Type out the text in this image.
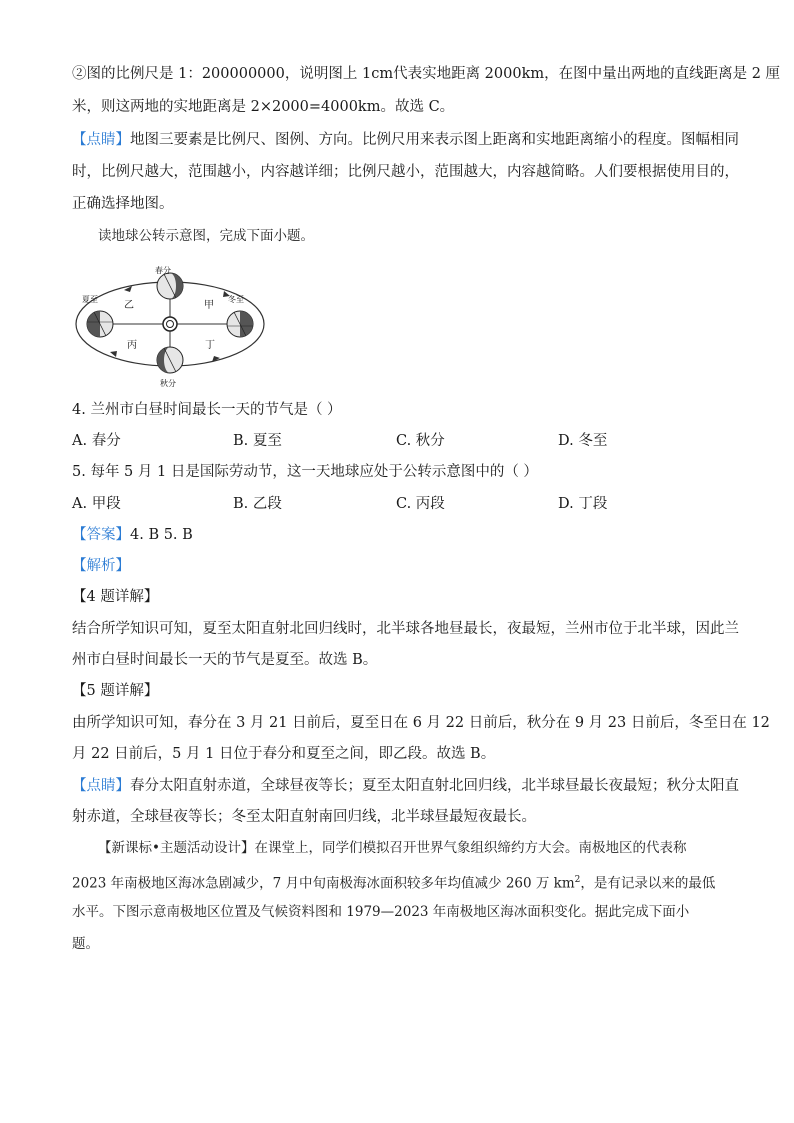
②图的比例尺是 1：200000000，说明图上 1cm代表实地距离 2000km，在图中量出两地的直线距离是 2 厘
米，则这两地的实地距离是 2×2000=4000km。故选 C。
【点睛】地图三要素是比例尺、图例、方向。比例尺用来表示图上距离和实地距离缩小的程度。图幅相同
时，比例尺越大，范围越小，内容越详细；比例尺越小，范围越大，内容越简略。人们要根据使用目的，
正确选择地图。
读地球公转示意图，完成下面小题。
春分
秋分
夏至	冬至
甲
乙
丙	丁
4. 兰州市白昼时间最长一天的节气是（ ）
A. 春分	B. 夏至	C. 秋分	D. 冬至
5. 每年 5 月 1 日是国际劳动节，这一天地球应处于公转示意图中的（ ）
A. 甲段	B. 乙段	C. 丙段	D. 丁段
【答案】4. B 5. B
【解析】
【4 题详解】
结合所学知识可知，夏至太阳直射北回归线时，北半球各地昼最长，夜最短，兰州市位于北半球，因此兰
州市白昼时间最长一天的节气是夏至。故选 B。
【5 题详解】
由所学知识可知，春分在 3 月 21 日前后，夏至日在 6 月 22 日前后，秋分在 9 月 23 日前后，冬至日在 12
月 22 日前后，5 月 1 日位于春分和夏至之间，即乙段。故选 B。
【点睛】春分太阳直射赤道，全球昼夜等长；夏至太阳直射北回归线，北半球昼最长夜最短；秋分太阳直
射赤道，全球昼夜等长；冬至太阳直射南回归线，北半球昼最短夜最长。
【新课标•主题活动设计】在课堂上，同学们模拟召开世界气象组织缔约方大会。南极地区的代表称
2023 年南极地区海冰急剧减少，7 月中旬南极海冰面积较多年均值减少 260 万 $km^2$，是有记录以来的最低
水平。下图示意南极地区位置及气候资料图和 1979—2023 年南极地区海冰面积变化。据此完成下面小
题。
